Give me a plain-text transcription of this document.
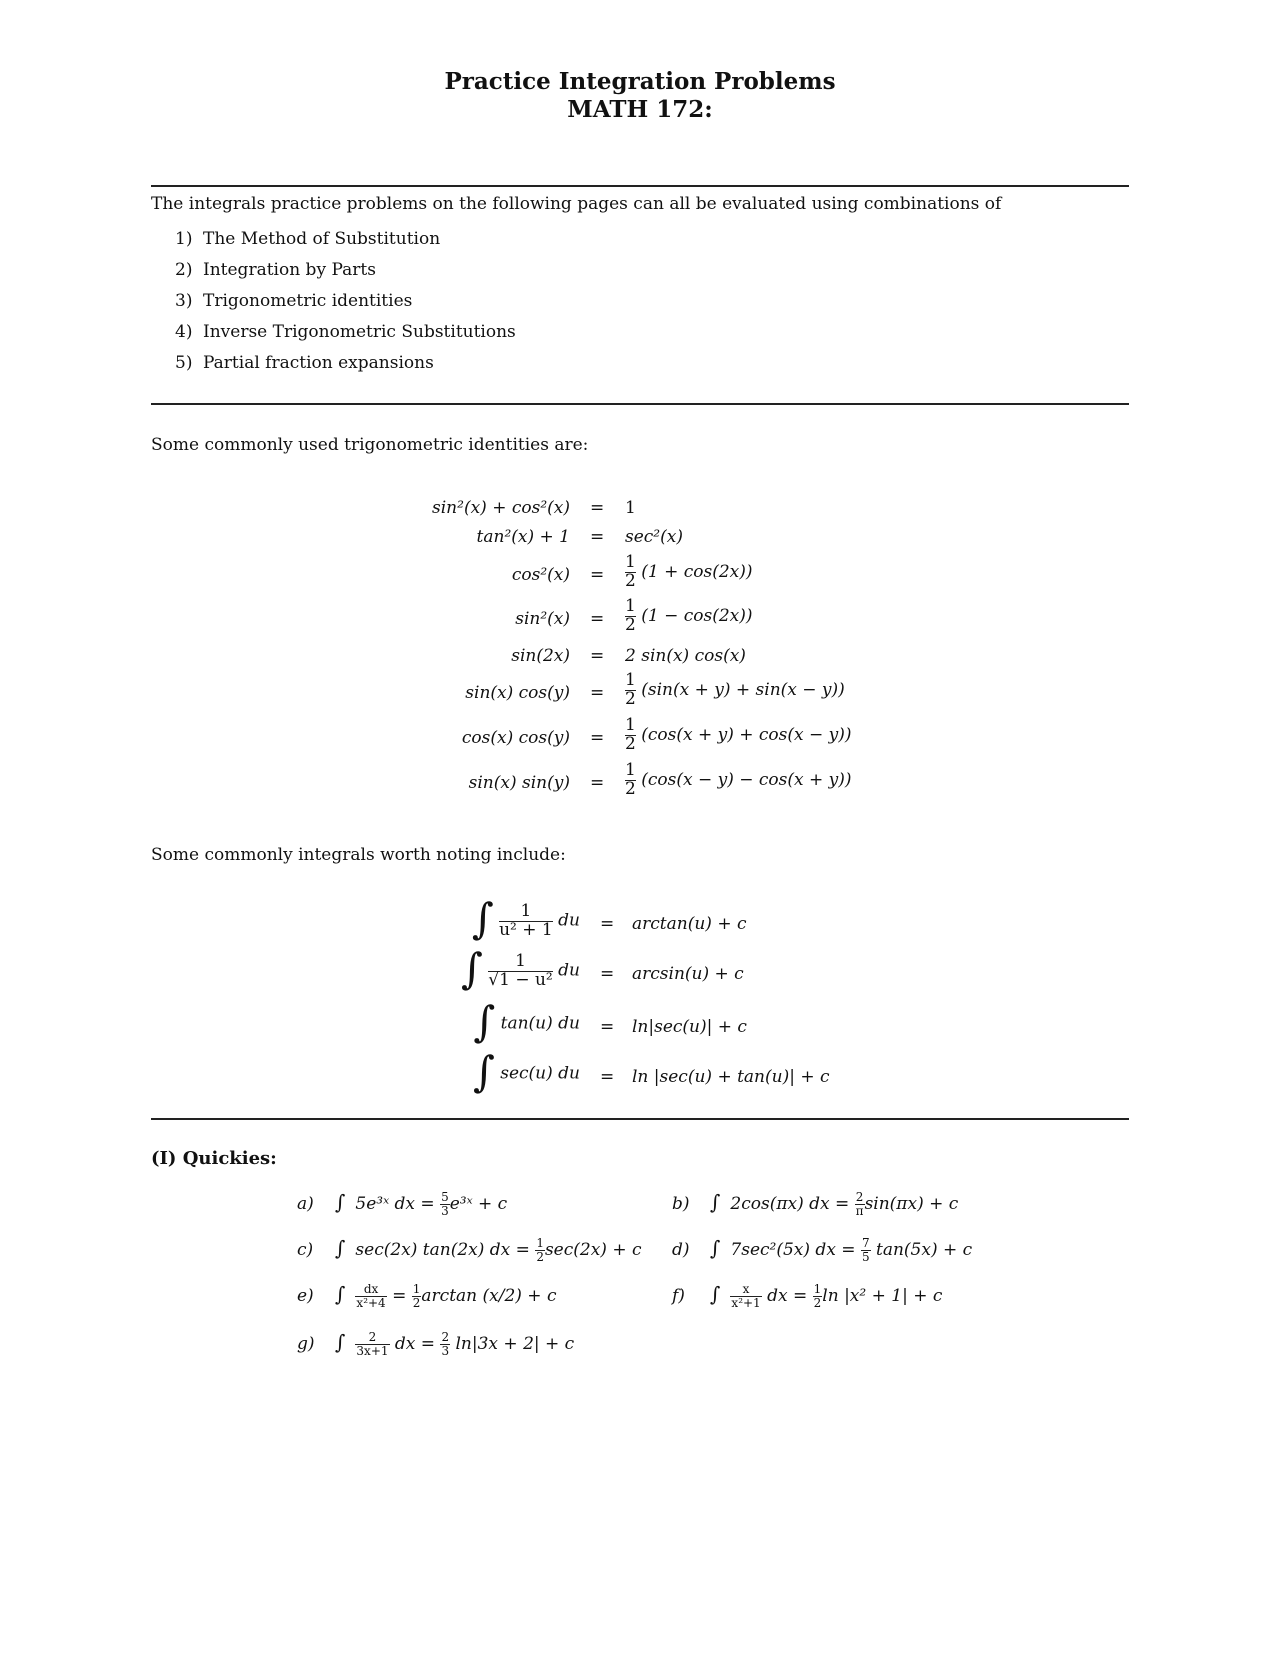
Practice Integration Problems
MATH 172:
The integrals practice problems on the following pages can all be evaluated using combinations of
1) The Method of Substitution
2) Integration by Parts
3) Trigonometric identities
4) Inverse Trigonometric Substitutions
5) Partial fraction expansions
Some commonly used trigonometric identities are:
sin²(x) + cos²(x) = 1
tan²(x) + 1 = sec²(x)
$\cos^2(x) = \frac{1}{2} (1 + \cos(2x))$
$\sin^2(x) = \frac{1}{2} (1 - \cos(2x))$
sin(2x) = 2 sin(x) cos(x)
sin(x) $\cos(y) = \frac{1}{2} (\sin(x + y) + \sin(x - y))$
cos(x) $\cos(y) = \frac{1}{2} (\cos(x + y) + \cos(x - y))$
sin(x) $\sin(y) = \frac{1}{2} (\cos(x - y) - \cos(x + y))$
Some commonly integrals worth noting include:
∫ $\frac{1}{\text{u² + 1}}$ du = arctan(u) + c
∫ $\frac{1}{\text{√1 − u²}}$ du = arcsin(u) + c
∫ tan(u) du = ln|sec(u)| + c
∫ sec(u) du = ln |sec(u) + tan(u)| + c
(I) Quickies:
a) ∫ 5e³ˣ dx = $\frac{5}{3}$ e³ˣ + c	b) ∫ 2cos(πx) dx = $\frac{2}{\pi} \sin(\pi x) + c$
c) ∫ sec(2x) tan(2x) dx = $\frac{1}{2} \sec(2x) + c$ d) ∫ 7sec²(5x) dx = $\frac{7}{5} \tan(5x) + c$
e) ∫ $\frac{dx}{\text{x²+4}} = \frac{1}{2}$ arctan (x/2) + c	f) ∫ $\frac{x}{\text{x²+1}}$ dx = $\frac{1}{2}$ ln |x² + 1| + c
g) ∫ $\frac{2}{3x+1}$ dx = $\frac{2}{3} \ln|3x + 2| + c$
